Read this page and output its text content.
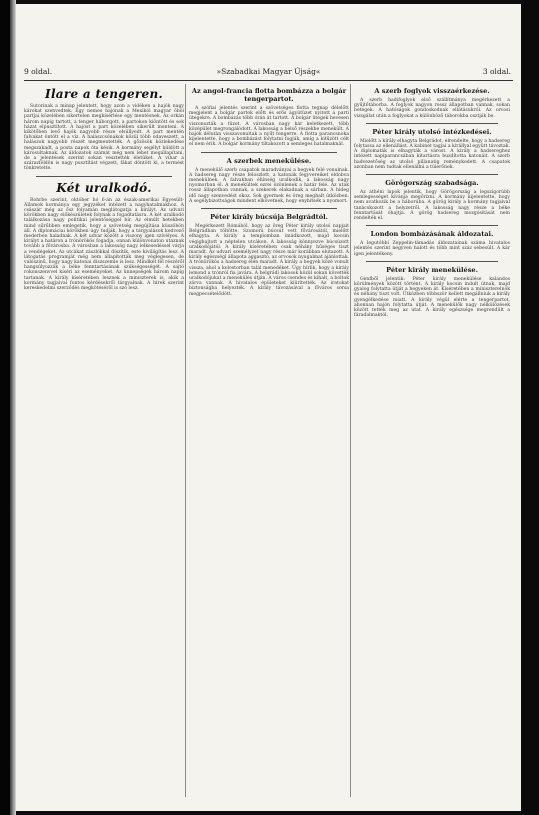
9 oldal.	»Szabadkai Magyar Újság«	3 oldal.
Ilare a tengeren.

Sutorinak a minap jelentett, hogy azon a vidéken a hajók nagy károkat szenvedtek. Egy nemes hajónak a Mexikói magyar öböl partjai közelében sikertelen megkísérlése egy mentésnek. Az orkán három napig tartott, a tenger háborgott, a partokon kiöntött és sok házat elpusztított. A hajóst a part közelében sikerült menteni. A kikötőben levő hajók nagyobb része elsüllyedt. A part mentén falvakat öntött el a víz. A halászcsónakok közül több odaveszett, a halászok nagyobb részét megmentették. A gőzösök közlekedése megszakadt, a posta napok óta késik. A kormány segélyt küldött a károsultaknak. Az áldozatok számát még nem lehet megállapítani, de a jelentések szerint sokan vesztették életüket. A vihar a szárazföldön is nagy pusztítást végzett, fákat döntött ki, a termést tönkretette.

Két uralkodó.

Rohrbe szerint, október hó 6-án az észak-amerikai Egyesült-Államok kormánya egy jegyzéket intézett a nagyhatalmakhoz. A császár még az ősz folyamán meglátogatja a királyt. Az udvari körökben nagy előkészületek folynak a fogadtatásra. A két uralkodó találkozása nagy politikai jelentőséggel bír. Az elmúlt hetekben mind sűrűbben emlegetik, hogy a szövetség megújítása küszöbön áll. A diplomáciai körökben úgy tudják, hogy a tárgyalások kedvező mederben haladnak. A két udvar között a viszony igen szívélyes. A királyt a határon a trónörökös fogadja, onnan különvonaton utaznak tovább a fővárosba. A városban a lakosság nagy lelkesedéssel várja a vendégeket. Az utcákat zászlókkal díszítik, este kivilágítás lesz. A látogatás programját még nem állapították meg véglegesen, de valószínű, hogy nagy katonai díszszemle is lesz. Mindkét fél részéről hangsúlyozzák a béke fenntartásának szükségességét. A sajtó rokonszenvvel kíséri az eseményeket. Az ünnepségek három napig tartanak. A király kíséretében lesznek a miniszterek is, akik a kormány tagjaival fontos kérdésekről tárgyalnak. A hírek szerint kereskedelmi szerződés megkötéséről is szó lesz.

Az angol-francia flotta bombázza a bolgár tengerpartot.

A szófiai jelentés szerint a szövetséges flotta tegnap délelőtt megjelent a bolgár partok előtt és erős ágyútüzet nyitott a parti ütegekre. A bombázás több órán át tartott. A bolgár ütegek hevesen viszonozták a tüzet. A városban nagy kár keletkezett, több középület megrongálódott. A lakosság a belső részekbe menekült. A hajók délután visszavonultak a nyílt tengerre. A flotta parancsnoka kijelentette, hogy a bombázást folytatni fogják, amíg a kitűzött célt el nem érik. A bolgár kormány tiltakozott a semleges hatalmaknál.

A szerbek menekülése.

A menekülő szerb csapatok maradványai a hegyek felé vonulnak. A hadsereg nagy része feloszlott, a katonák fegyvereiket eldobva menekülnek. A falvakban éhínség uralkodik, a lakosság nagy nyomorban él. A menekültek ezrei özönlenek a határ felé. Az utak rossz állapotban vannak, a szekerek elakadnak a sárban. A hideg idő nagy szenvedést okoz. Sok gyermek és öreg meghalt útközben. A segélybizottságok mindent elkövetnek, hogy enyhítsék a nyomort.

Péter király búcsúja Belgrádtól.

Megérkezett Rómából, hogy az öreg Péter király utolsó napjait Belgrádban töltötte. Szomorú búcsút vett fővárosától, mielőtt elhagyta. A király a templomban imádkozott, majd kocsin végighajtott a néptelen utcákon. A lakosság könnyezve búcsúzott uralkodójától. A király kíséretében csak néhány hűséges tiszt maradt. Az udvari személyzet nagy része már korábban elutazott. A király egészségi állapota aggasztó, az orvosok nyugalmat ajánlottak. A trónörökös a hadsereg élén maradt. A király a hegyek közé vonult vissza, ahol a kolostorban talál menedéket. Úgy hírlik, hogy a király lemond a trónról fia javára. A belgrádi lakosok közül sokan követték uralkodójukat a menekülés útján. A város csendes és kihalt, a boltok zárva vannak. A hivatalos épületeket kiürítették. Az iratokat biztonságba helyezték. A király távozásával a főváros sorsa megpecsételődött.

A szerb foglyok visszaérkezése.

A szerb hadifoglyok első szállítmánya megérkezett a gyűjtőtáborba. A foglyok nagyon rossz állapotban vannak, sokan betegek. A hatóságok gondoskodnak ellátásukról. Az orvosi vizsgálat után a foglyokat a különböző táborokba osztják be.

Péter király utolsó intézkedései.

Mielőtt a király elhagyta Belgrádot, elrendelte, hogy a hadsereg folytassa az ellenállást. A kabinet tagjai a királlyal együtt távoztak. A diplomaták is elhagyták a várost. A király a hadsereghez intézett napiparancsában kitartásra buzdította katonáit. A szerb hadvezetőség az utolsó pillanatig reménykedett. A csapatok azonban nem tudtak ellenállni a túlerőnek.

Görögország szabadsága.

Az athéni lapok jelentik, hogy Görögország a legszigorúbb semlegességet kívánja megőrizni. A kormány kijelentette, hogy nem avatkozik be a háborúba. A görög király a kormány tagjaival tanácskozott a helyzetről. A lakosság nagy része a béke fenntartását óhajtja. A görög hadsereg mozgósítását nem rendelték el.

London bombázásának áldozatai.

A legutóbbi Zeppelin-támadás áldozatainak száma hivatalos jelentés szerint negyven halott és több mint száz sebesült. A kár igen jelentékeny.

Péter király menekülése.

Genfből jelentik: Péter király menekülése kalandos körülmények között történt. A király kocsin indult útnak, majd gyalog folytatta útját a hegyeken át. Kíséretében a miniszterelnök és néhány tiszt volt. Útközben többször kellett megállniuk a király gyengélkedése miatt. A király végül elérte a tengerpartot, ahonnan hajón folytatta útját. A menekülők nagy nélkülözések között tették meg az utat. A király egészsége megrendült a fáradalmaktól.
